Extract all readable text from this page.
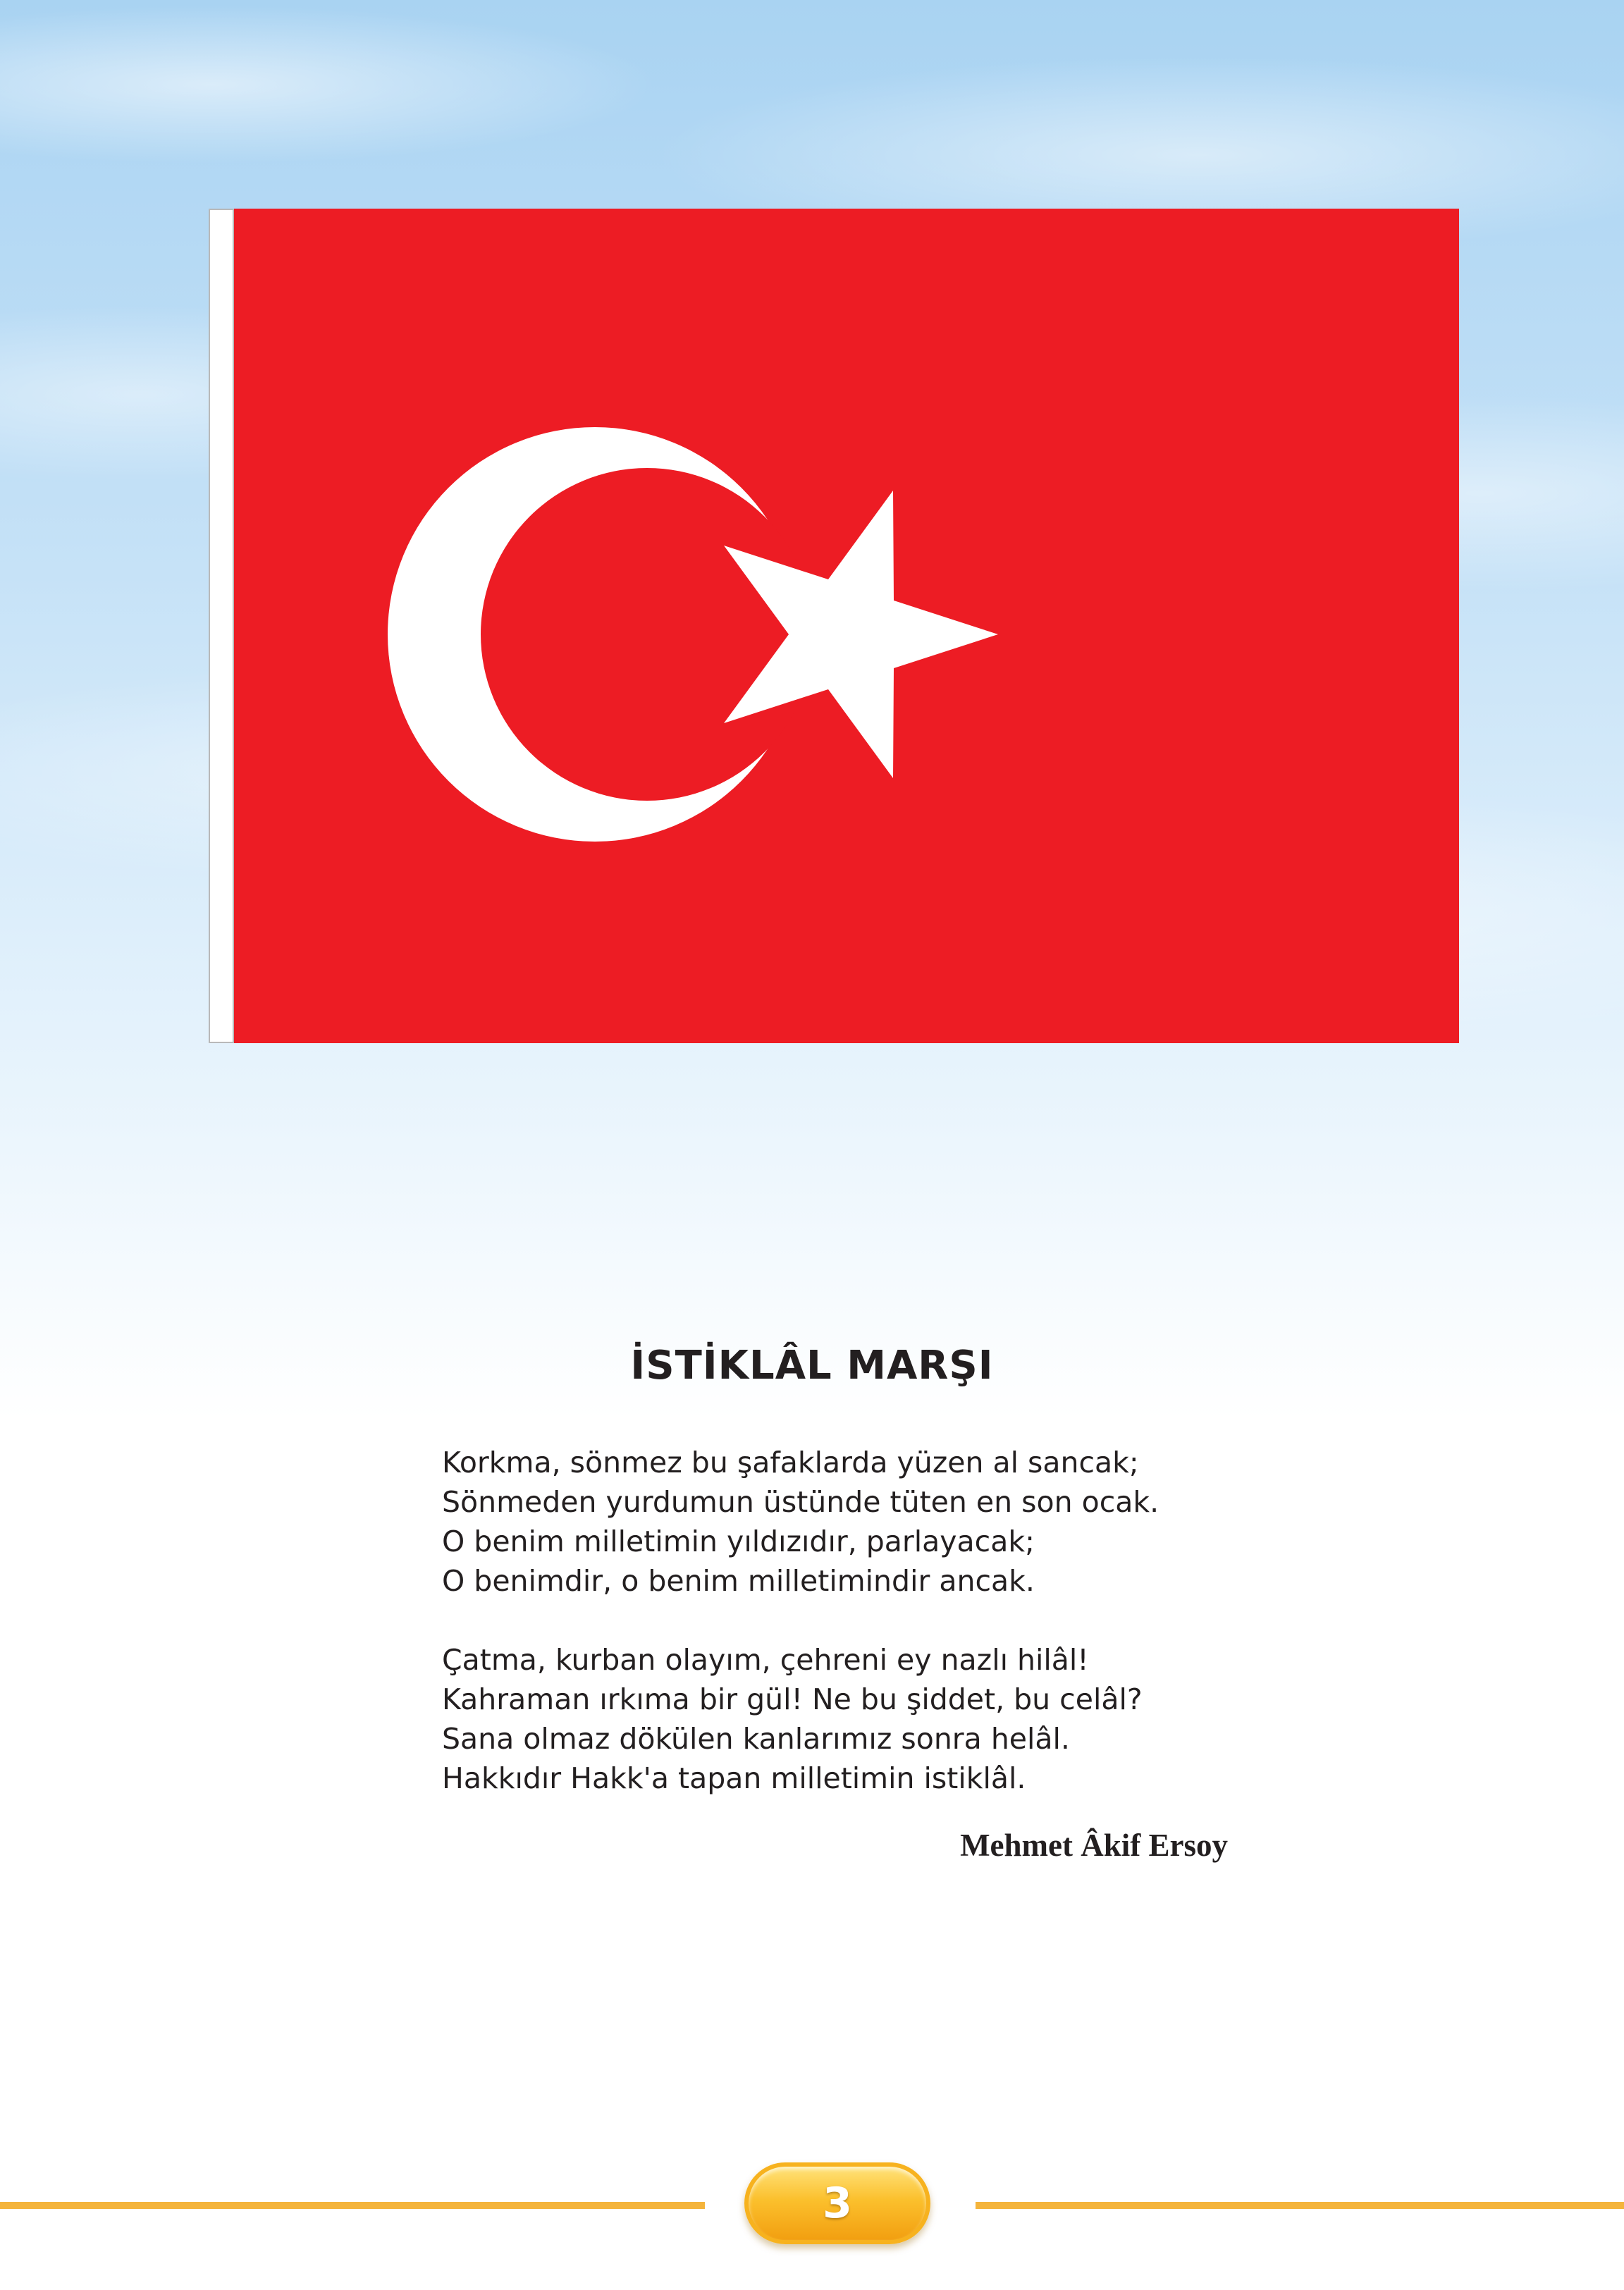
İSTİKLÂL MARŞI
Korkma, sönmez bu şafaklarda yüzen al sancak;
Sönmeden yurdumun üstünde tüten en son ocak.
O benim milletimin yıldızıdır, parlayacak;
O benimdir, o benim milletimindir ancak.
Çatma, kurban olayım, çehreni ey nazlı hilâl!
Kahraman ırkıma bir gül! Ne bu şiddet, bu celâl?
Sana olmaz dökülen kanlarımız sonra helâl.
Hakkıdır Hakk'a tapan milletimin istiklâl.
Mehmet Âkif Ersoy
3
